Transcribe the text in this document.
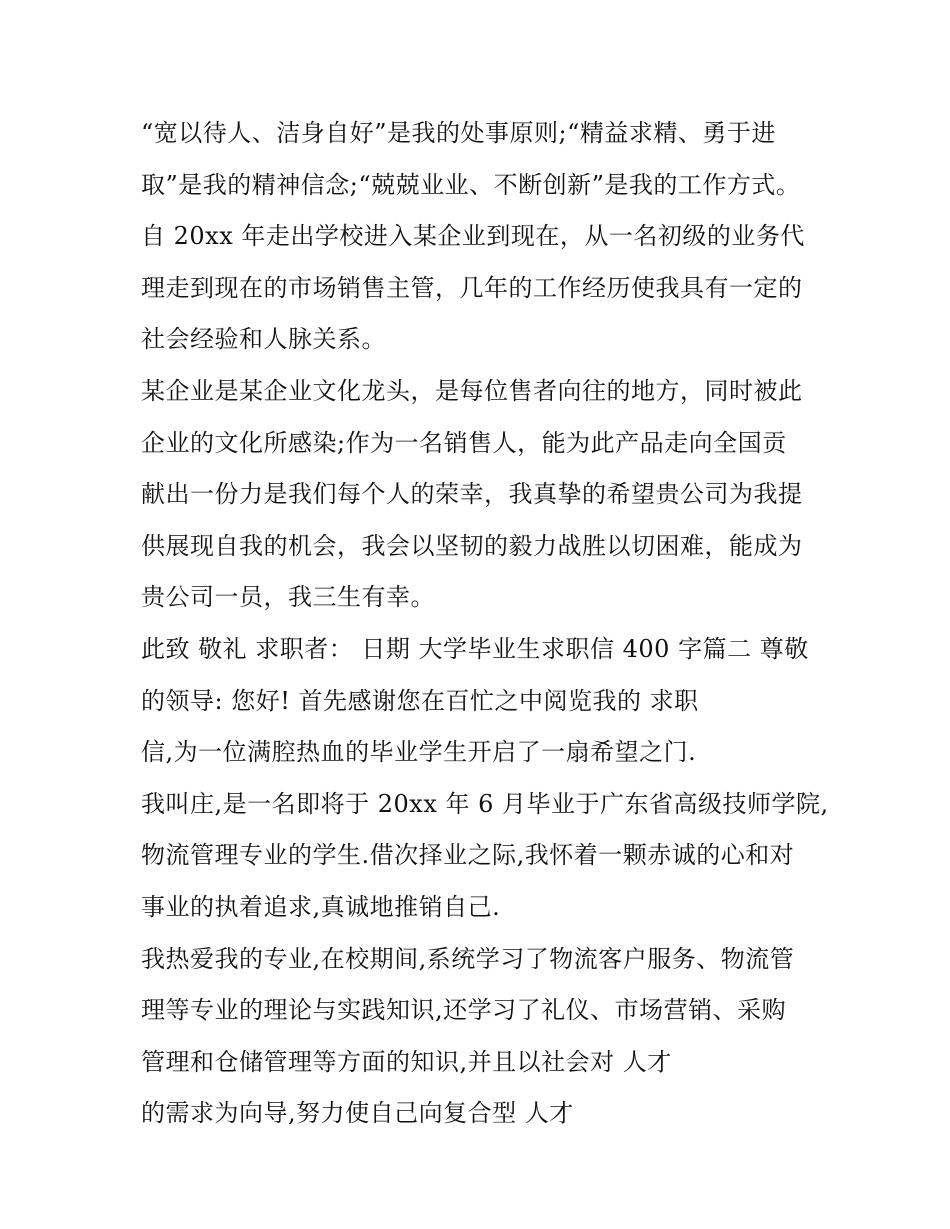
“宽以待人、洁身自好”是我的处事原则;“精益求精、勇于进
取”是我的精神信念;“兢兢业业、不断创新”是我的工作方式。
自 20xx 年走出学校进入某企业到现在，从一名初级的业务代
理走到现在的市场销售主管，几年的工作经历使我具有一定的
社会经验和人脉关系。
某企业是某企业文化龙头，是每位售者向往的地方，同时被此
企业的文化所感染;作为一名销售人，能为此产品走向全国贡
献出一份力是我们每个人的荣幸，我真挚的希望贵公司为我提
供展现自我的机会，我会以坚韧的毅力战胜以切困难，能成为
贵公司一员，我三生有幸。
此致 敬礼 求职者： 日期 大学毕业生求职信 400 字篇二 尊敬
的领导: 您好! 首先感谢您在百忙之中阅览我的 求职
信,为一位满腔热血的毕业学生开启了一扇希望之门.
我叫庄,是一名即将于 20xx 年 6 月毕业于广东省高级技师学院,
物流管理专业的学生.借次择业之际,我怀着一颗赤诚的心和对
事业的执着追求,真诚地推销自己.
我热爱我的专业,在校期间,系统学习了物流客户服务、物流管
理等专业的理论与实践知识,还学习了礼仪、市场营销、采购
管理和仓储管理等方面的知识,并且以社会对 人才
的需求为向导,努力使自己向复合型 人才
